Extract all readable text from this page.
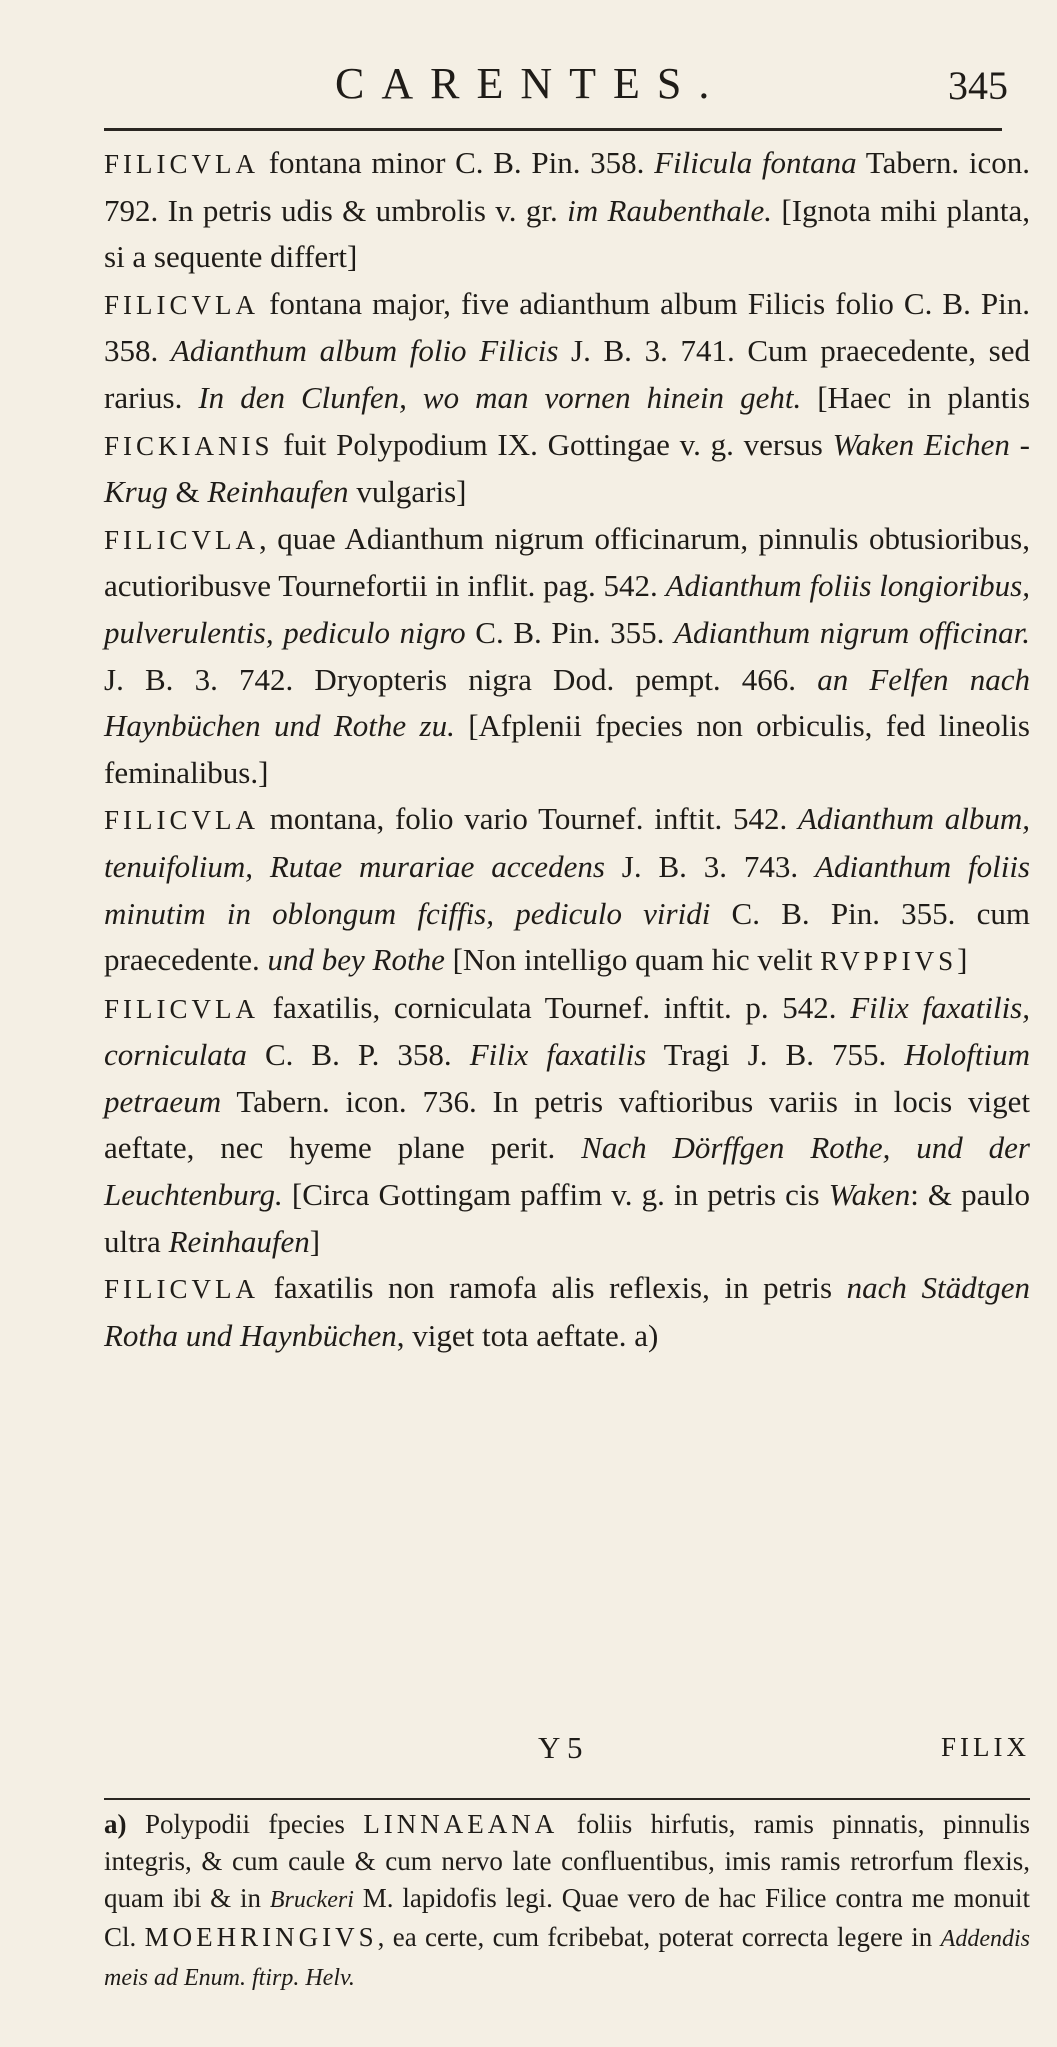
CARENTES.	345

FILICVLA fontana minor C. B. Pin. 358. Filicula fontana Tabern. icon. 792. In petris udis & umbrolis v. gr. im Raubenthale. [Ignota mihi planta, si a sequente differt]

FILICVLA fontana major, five adianthum album Filicis folio C. B. Pin. 358. Adianthum album folio Filicis J. B. 3. 741. Cum praecedente, sed rarius. In den Clunfen, wo man vornen hinein geht. [Haec in plantis FICKIANIS fuit Polypodium IX. Gottingae v. g. versus Waken Eichen - Krug & Reinhaufen vulgaris]

FILICVLA, quae Adianthum nigrum officinarum, pinnulis obtusioribus, acutioribusve Tournefortii in inflit. pag. 542. Adianthum foliis longioribus, pulverulentis, pediculo nigro C. B. Pin. 355. Adianthum nigrum officinar. J. B. 3. 742. Dryopteris nigra Dod. pempt. 466. an Felfen nach Haynbüchen und Rothe zu. [Afplenii fpecies non orbiculis, fed lineolis feminalibus.]

FILICVLA montana, folio vario Tournef. inftit. 542. Adianthum album, tenuifolium, Rutae murariae accedens J. B. 3. 743. Adianthum foliis minutim in oblongum fciffis, pediculo viridi C. B. Pin. 355. cum praecedente. und bey Rothe [Non intelligo quam hic velit RVPPIVS]

FILICVLA faxatilis, corniculata Tournef. inftit. p. 542. Filix faxatilis, corniculata C. B. P. 358. Filix faxatilis Tragi J. B. 755. Holoftium petraeum Tabern. icon. 736. In petris vaftioribus variis in locis viget aeftate, nec hyeme plane perit. Nach Dörffgen Rothe, und der Leuchtenburg. [Circa Gottingam paffim v. g. in petris cis Waken: & paulo ultra Reinhaufen]

FILICVLA faxatilis non ramofa alis reflexis, in petris nach Städtgen Rotha und Haynbüchen, viget tota aeftate. a)

Y 5	FILIX
a) Polypodii fpecies LINNAEANA foliis hirfutis, ramis pinnatis, pinnulis integris, & cum caule & cum nervo late confluentibus, imis ramis retrorfum flexis, quam ibi & in Bruckeri M. lapidofis legi. Quae vero de hac Filice contra me monuit Cl. MOEHRINGIVS, ea certe, cum fcribebat, poterat correcta legere in Addendis meis ad Enum. ftirp. Helv.
